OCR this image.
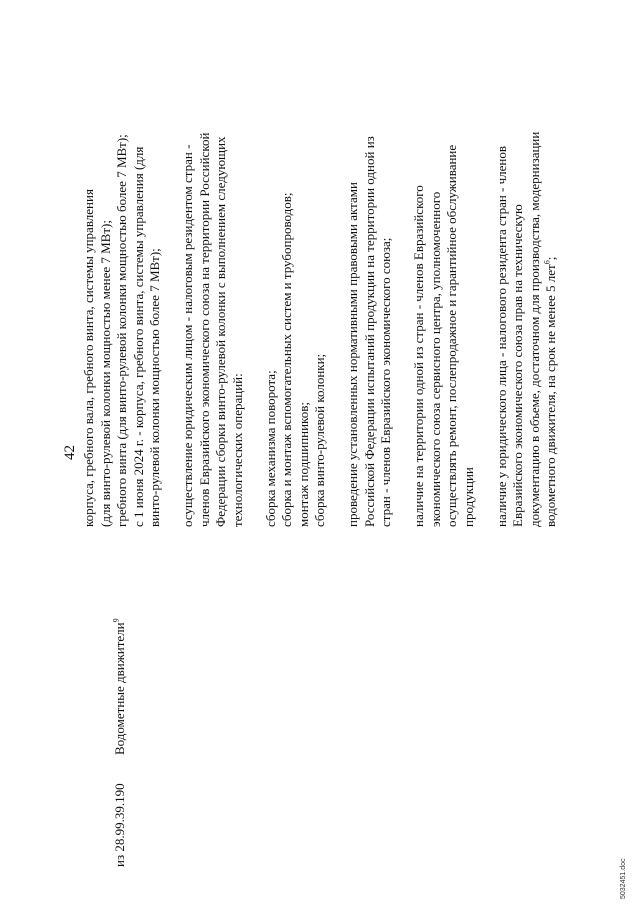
42
из 28.99.39.190
Водометные движители$^9$
корпуса, гребного вала, гребного винта, системы управления (для винто-рулевой колонки мощностью менее 7 МВт); гребного винта (для винто-рулевой колонки мощностью более 7 МВт); с 1 июня 2024 г. - корпуса, гребного винта, системы управления (для винто-рулевой колонки мощностью более 7 МВт); осуществление юридическим лицом - налоговым резидентом стран - членов Евразийского экономического союза на территории Российской Федерации сборки винто-рулевой колонки с выполнением следующих технологических операций: сборка механизма поворота; сборка и монтаж вспомогательных систем и трубопроводов; монтаж подшипников; сборка винто-рулевой колонки; проведение установленных нормативными правовыми актами Российской Федерации испытаний продукции на территории одной из стран - членов Евразийского экономического союза; наличие на территории одной из стран - членов Евразийского экономического союза сервисного центра, уполномоченного осуществлять ремонт, послепродажное и гарантийное обслуживание продукции наличие у юридического лица - налогового резидента стран - членов Евразийского экономического союза прав на техническую документацию в объеме, достаточном для производства, модернизации водометного движителя, на срок не менее 5 лет$^6$;
5032451.doc
